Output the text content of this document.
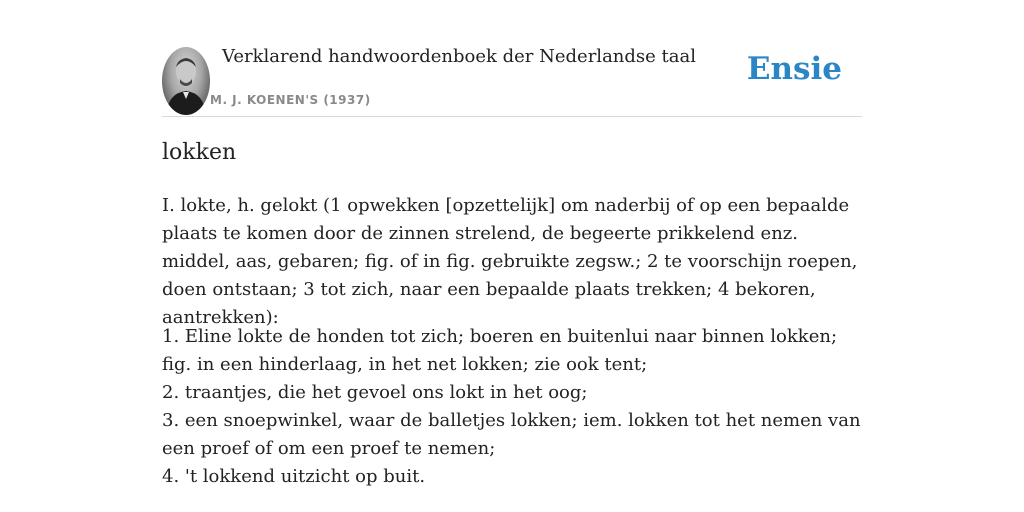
Verklarend handwoordenboek der Nederlandse taal
M. J. KOENEN'S (1937)
Ensie
lokken

I. lokte, h. gelokt (1 opwekken [opzettelijk] om naderbij of op een bepaalde plaats te komen door de zinnen strelend, de begeerte prikkelend enz. middel, aas, gebaren; fig. of in fig. gebruikte zegsw.; 2 te voorschijn roepen, doen ontstaan; 3 tot zich, naar een bepaalde plaats trekken; 4 bekoren, aantrekken):

1. Eline lokte de honden tot zich; boeren en buitenlui naar binnen lokken; fig. in een hinderlaag, in het net lokken; zie ook tent;
2. traantjes, die het gevoel ons lokt in het oog;
3. een snoepwinkel, waar de balletjes lokken; iem. lokken tot het nemen van een proef of om een proef te nemen;
4. 't lokkend uitzicht op buit.
